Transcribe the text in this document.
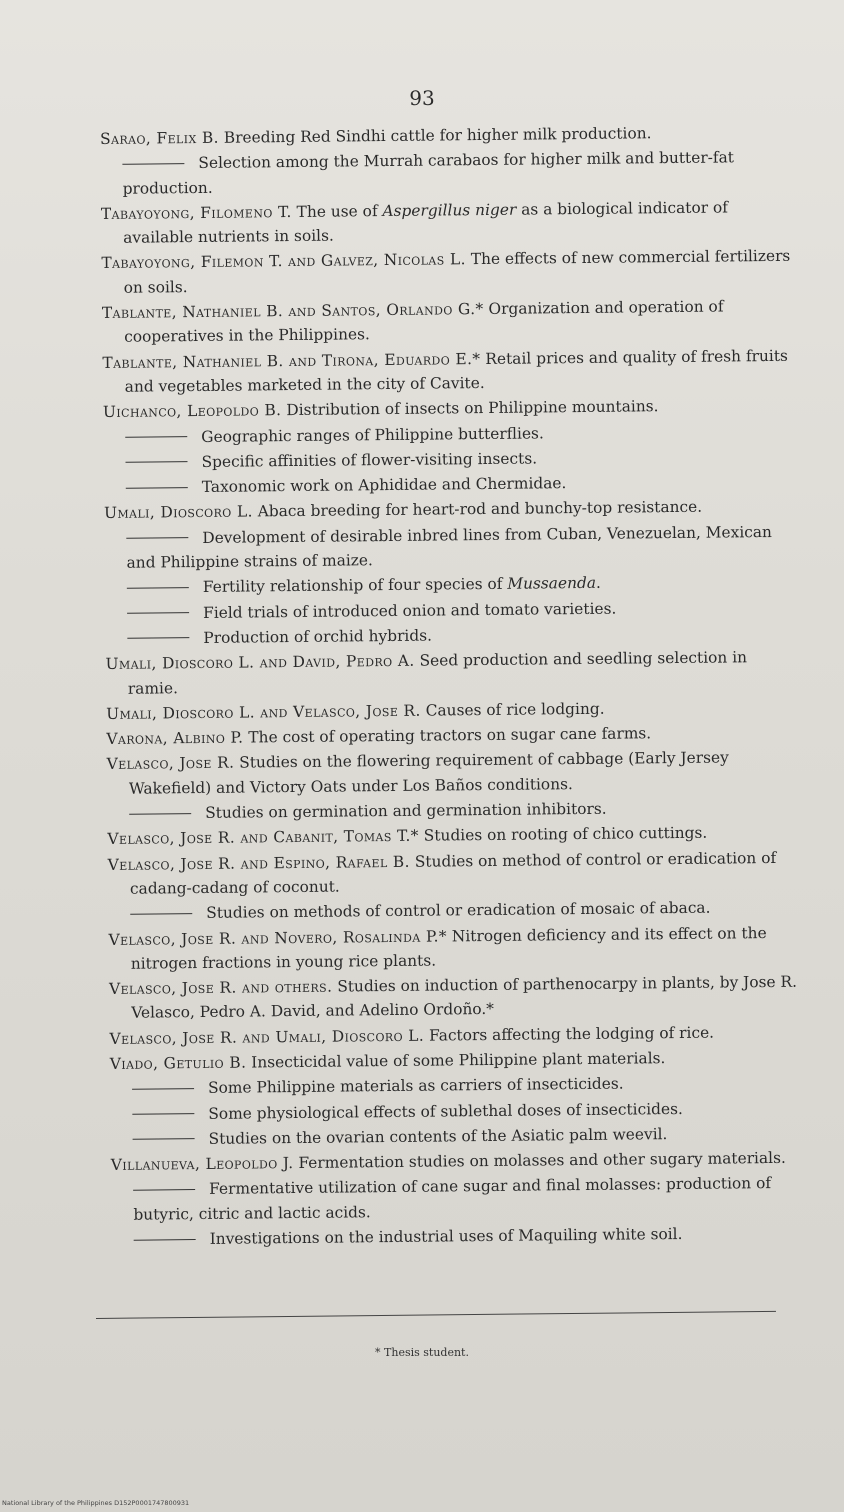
93

Sarao, Felix B. Breeding Red Sindhi cattle for higher milk production.

Selection among the Murrah carabaos for higher milk and butter-fat production.

Tabayoyong, Filomeno T. The use of Aspergillus niger as a biological indicator of available nutrients in soils.

Tabayoyong, Filemon T. and Galvez, Nicolas L. The effects of new commercial fertilizers on soils.

Tablante, Nathaniel B. and Santos, Orlando G.* Organization and operation of cooperatives in the Philippines.

Tablante, Nathaniel B. and Tirona, Eduardo E.* Retail prices and quality of fresh fruits and vegetables marketed in the city of Cavite.

Uichanco, Leopoldo B. Distribution of insects on Philippine mountains.

Geographic ranges of Philippine butterflies.

Specific affinities of flower-visiting insects.

Taxonomic work on Aphididae and Chermidae.

Umali, Dioscoro L. Abaca breeding for heart-rod and bunchy-top resistance.

Development of desirable inbred lines from Cuban, Venezuelan, Mexican and Philippine strains of maize.

Fertility relationship of four species of Mussaenda.

Field trials of introduced onion and tomato varieties.

Production of orchid hybrids.

Umali, Dioscoro L. and David, Pedro A. Seed production and seedling selection in ramie.

Umali, Dioscoro L. and Velasco, Jose R. Causes of rice lodging.

Varona, Albino P. The cost of operating tractors on sugar cane farms.

Velasco, Jose R. Studies on the flowering requirement of cabbage (Early Jersey Wakefield) and Victory Oats under Los Baños conditions.

Studies on germination and germination inhibitors.

Velasco, Jose R. and Cabanit, Tomas T.* Studies on rooting of chico cuttings.

Velasco, Jose R. and Espino, Rafael B. Studies on method of control or eradication of cadang-cadang of coconut.

Studies on methods of control or eradication of mosaic of abaca.

Velasco, Jose R. and Novero, Rosalinda P.* Nitrogen deficiency and its effect on the nitrogen fractions in young rice plants.

Velasco, Jose R. and others. Studies on induction of parthenocarpy in plants, by Jose R. Velasco, Pedro A. David, and Adelino Ordoño.*

Velasco, Jose R. and Umali, Dioscoro L. Factors affecting the lodging of rice.

Viado, Getulio B. Insecticidal value of some Philippine plant materials.

Some Philippine materials as carriers of insecticides.

Some physiological effects of sublethal doses of insecticides.

Studies on the ovarian contents of the Asiatic palm weevil.

Villanueva, Leopoldo J. Fermentation studies on molasses and other sugary materials.

Fermentative utilization of cane sugar and final molasses: production of butyric, citric and lactic acids.

Investigations on the industrial uses of Maquiling white soil.

* Thesis student.
National Library of the Philippines D152P0001747800931
